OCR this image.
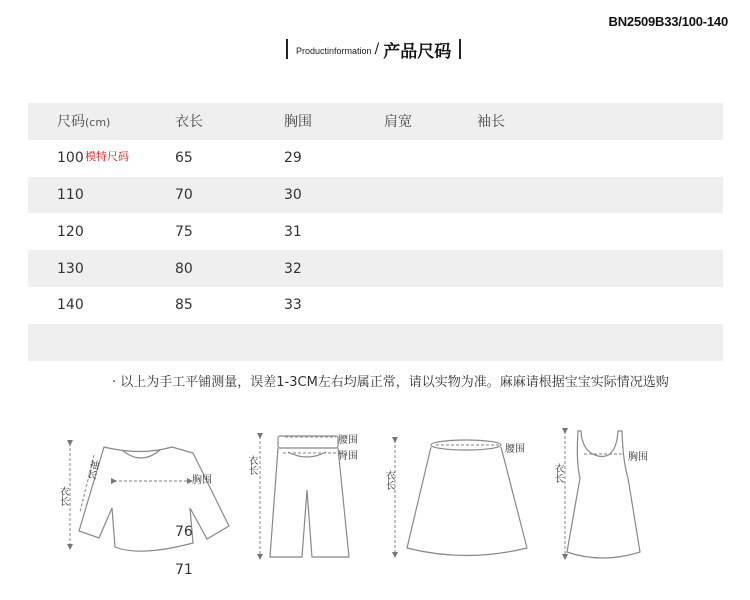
BN2509B33/100-140
Productinformation / 产品尺码
尺码(cm)	衣长	胸围	肩宽	袖长
100 模特尺码	65	29
110	70	30
120	75	31
130	80	32
140	85	33
· 以上为手工平铺测量，误差1-3CM左右均属正常，请以实物为准。麻麻请根据宝宝实际情况选购
衣长
袖长
胸围
76
71
腰围
臀围
衣长
腰围
衣长
胸围
衣长
